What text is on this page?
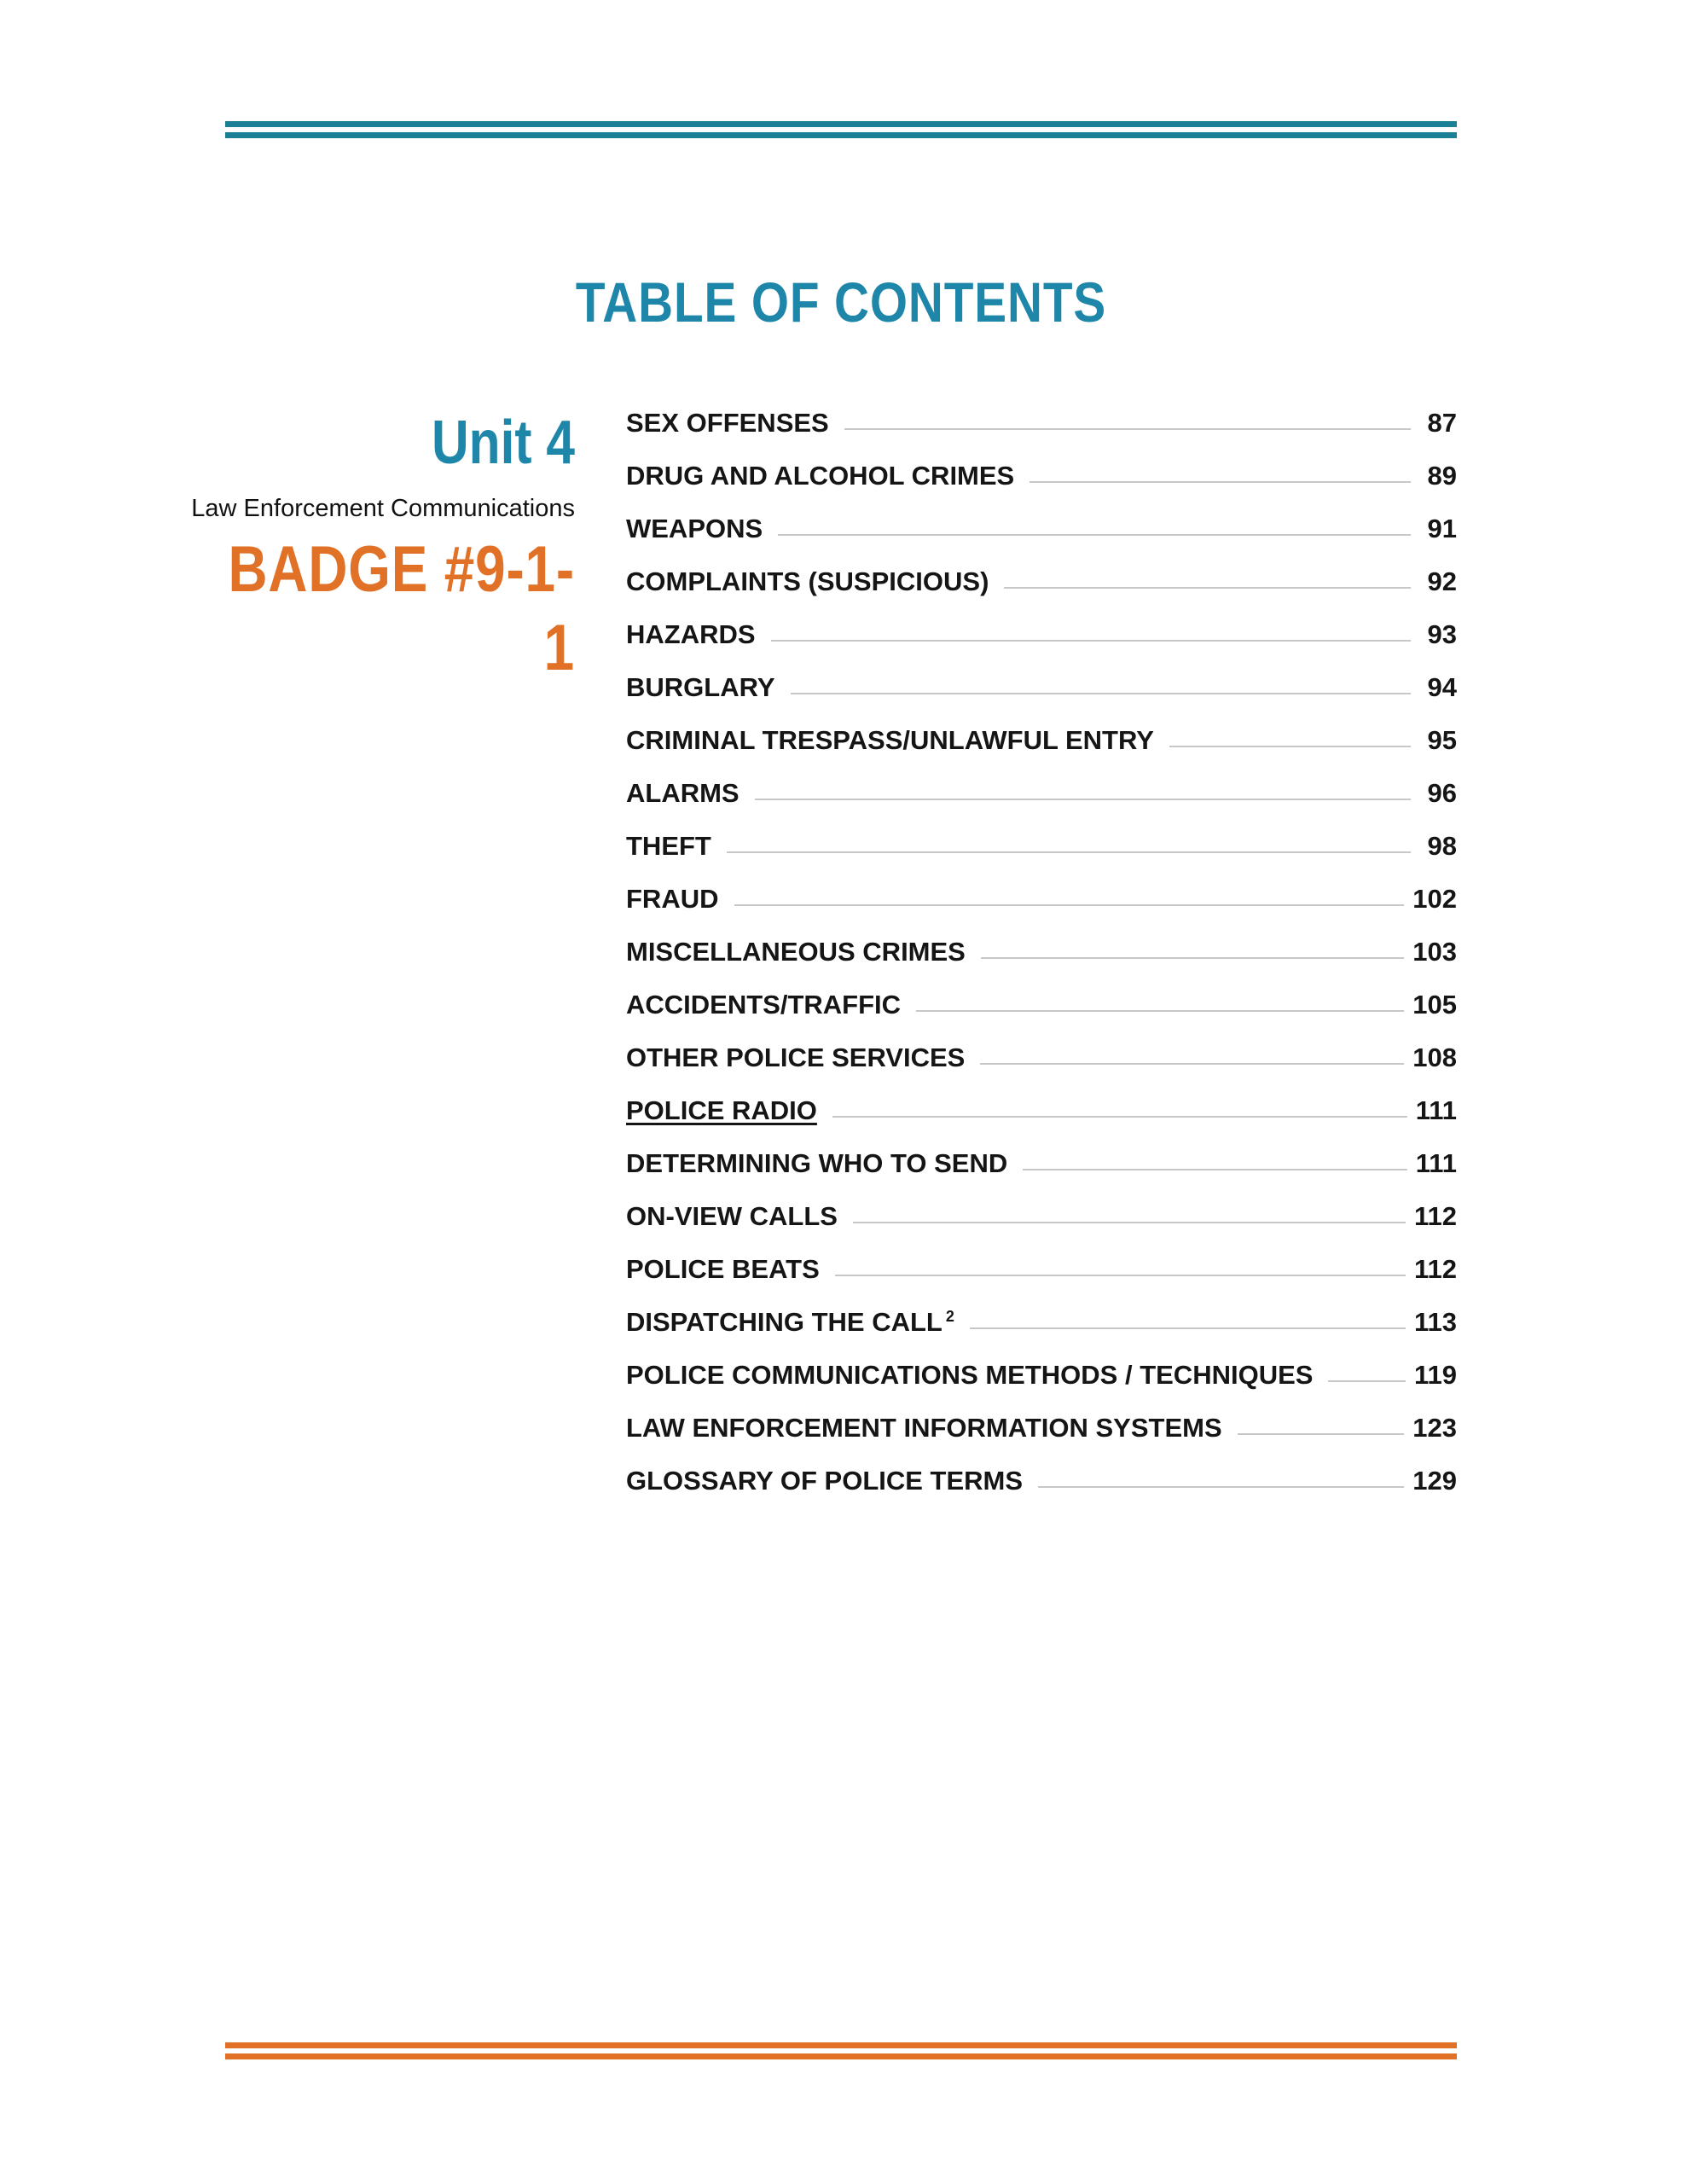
TABLE OF CONTENTS
Unit 4
Law Enforcement Communications
BADGE #9-1-1
SEX OFFENSES	87
DRUG AND ALCOHOL CRIMES	89
WEAPONS	91
COMPLAINTS (SUSPICIOUS)	92
HAZARDS	93
BURGLARY	94
CRIMINAL TRESPASS/UNLAWFUL ENTRY	95
ALARMS	96
THEFT	98
FRAUD	102
MISCELLANEOUS CRIMES	103
ACCIDENTS/TRAFFIC	105
OTHER POLICE SERVICES	108
POLICE RADIO	111
DETERMINING WHO TO SEND	111
ON-VIEW CALLS	112
POLICE BEATS	112
DISPATCHING THE CALL $^2$	113
POLICE COMMUNICATIONS METHODS / TECHNIQUES	119
LAW ENFORCEMENT INFORMATION SYSTEMS	123
GLOSSARY OF POLICE TERMS	129
